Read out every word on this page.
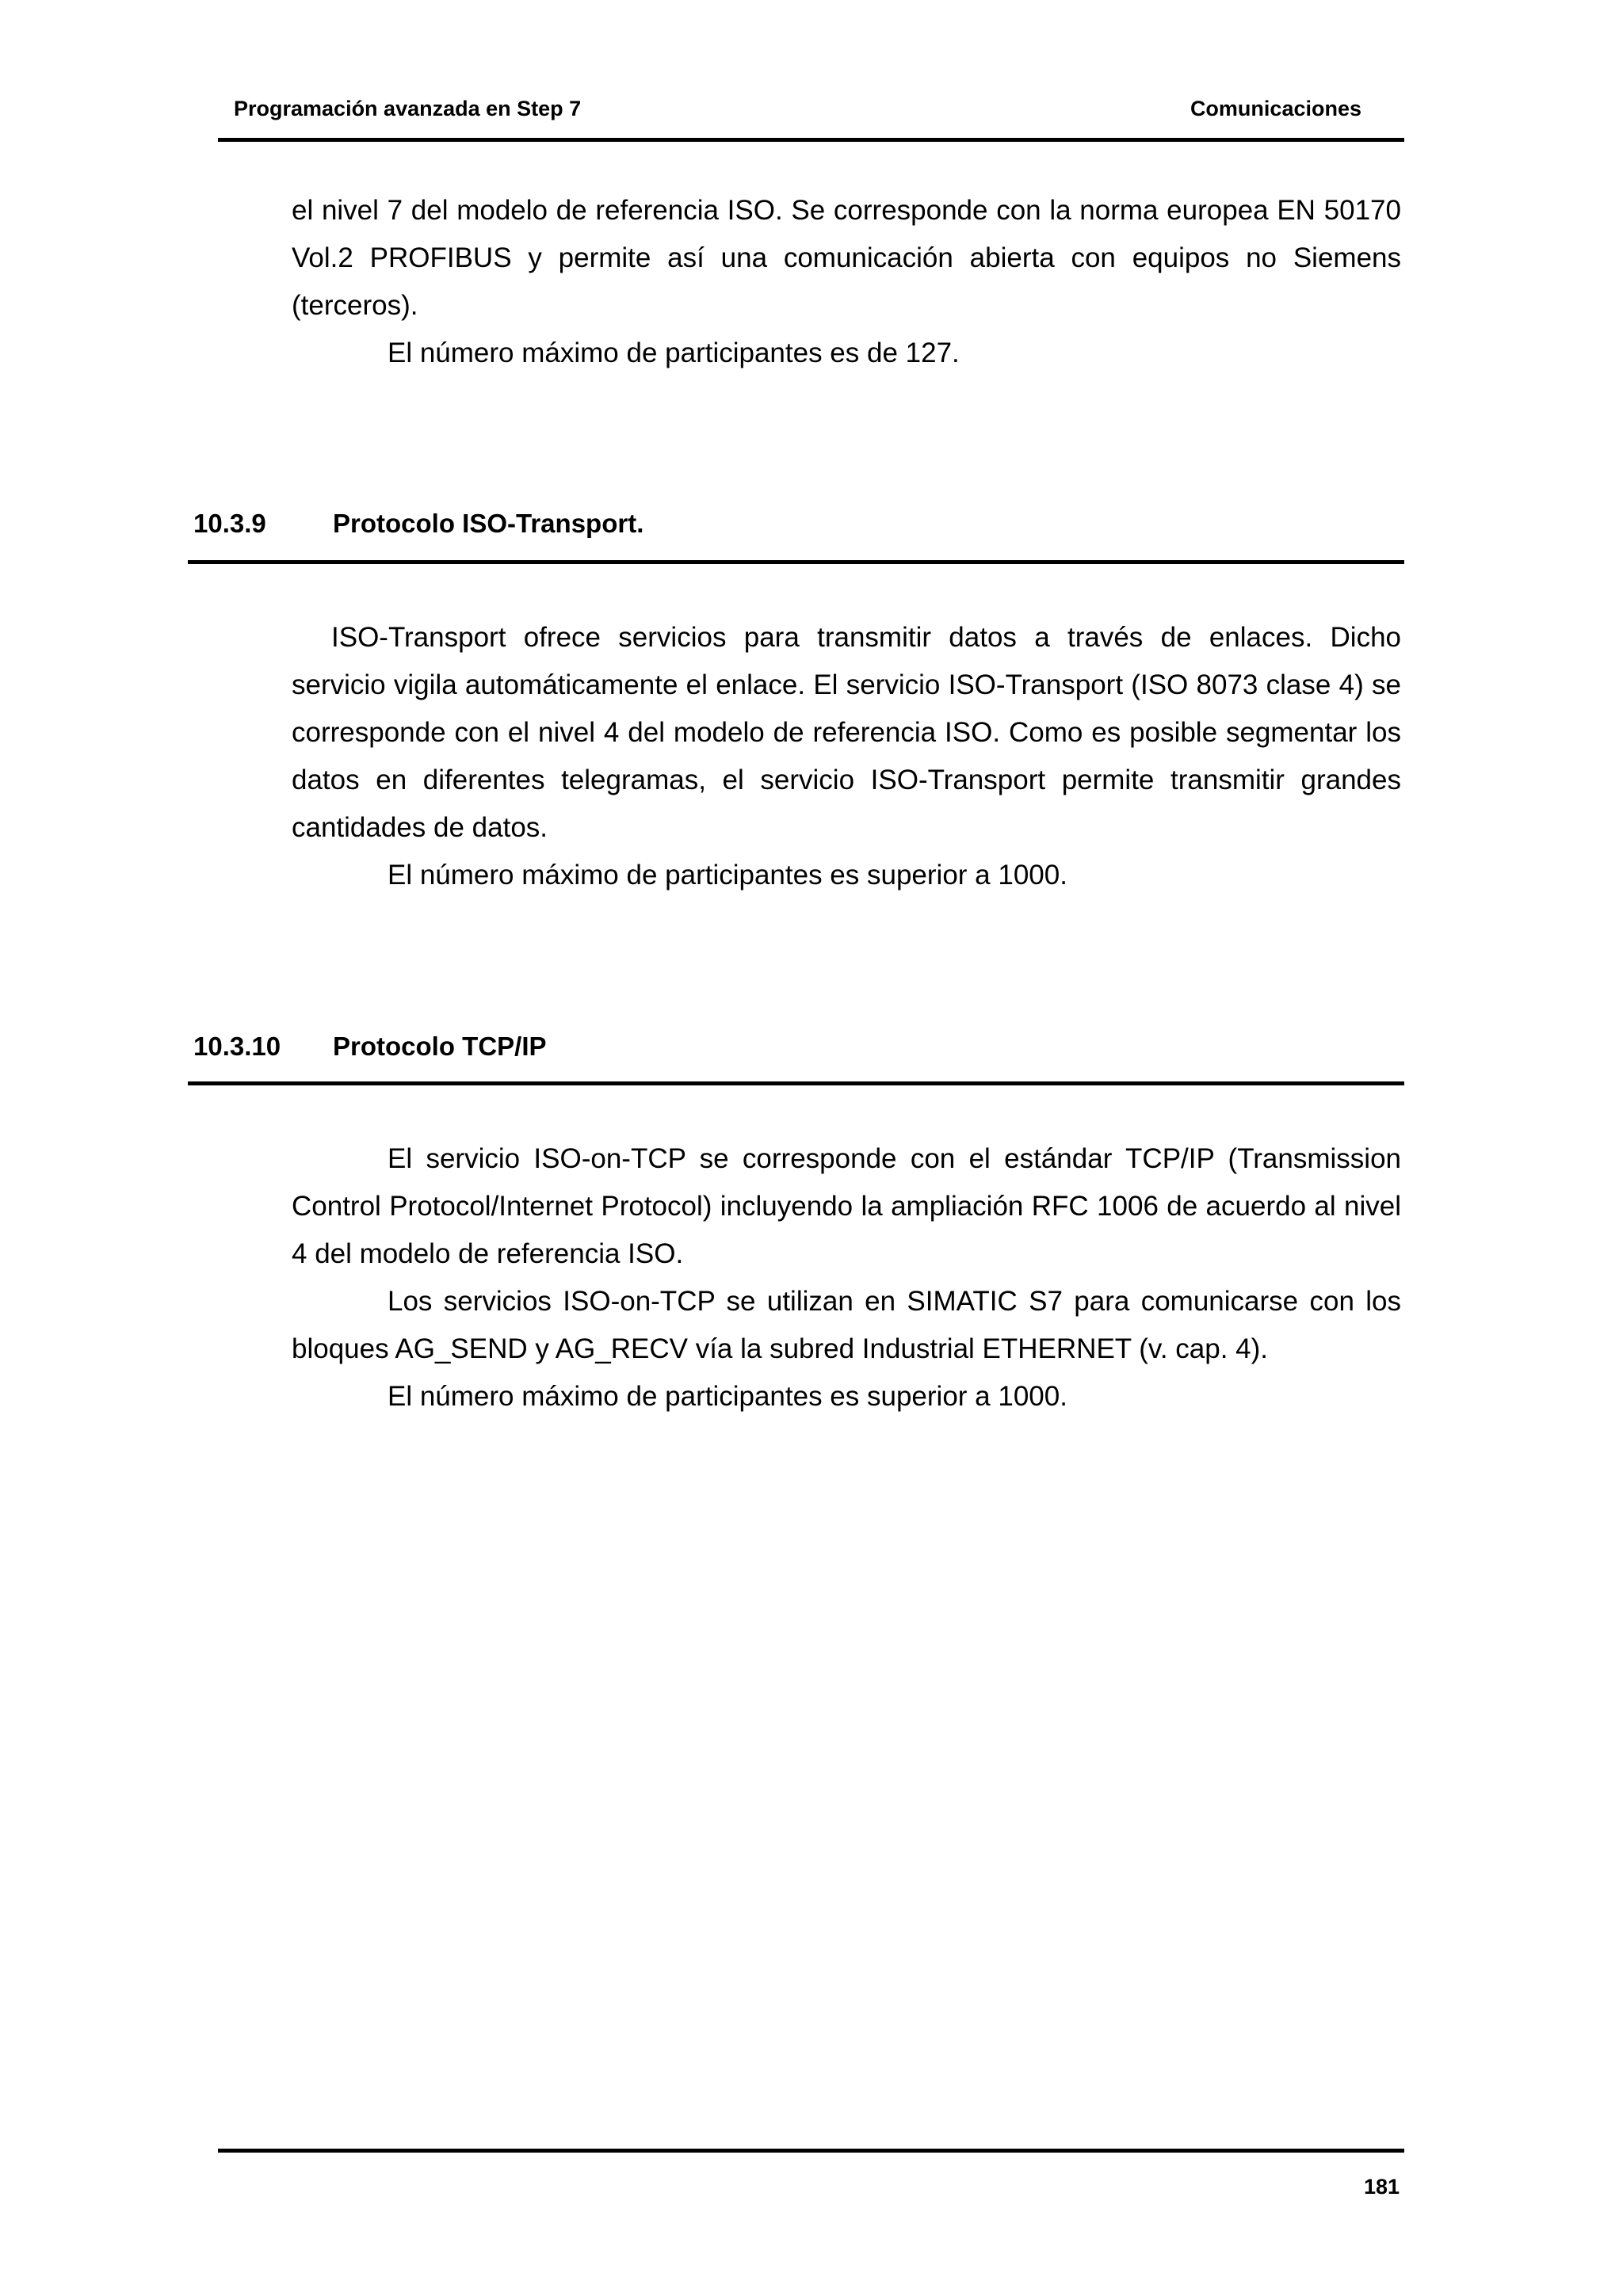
Programación avanzada en Step 7	Comunicaciones

el nivel 7 del modelo de referencia ISO. Se corresponde con la norma europea EN 50170 Vol.2 PROFIBUS y permite así una comunicación abierta con equipos no Siemens (terceros).

El número máximo de participantes es de 127.

10.3.9	Protocolo ISO-Transport.

ISO-Transport ofrece servicios para transmitir datos a través de enlaces. Dicho servicio vigila automáticamente el enlace. El servicio ISO-Transport (ISO 8073 clase 4) se corresponde con el nivel 4 del modelo de referencia ISO. Como es posible segmentar los datos en diferentes telegramas, el servicio ISO-Transport permite transmitir grandes cantidades de datos.

El número máximo de participantes es superior a 1000.

10.3.10 Protocolo TCP/IP

El servicio ISO-on-TCP se corresponde con el estándar TCP/IP (Transmission Control Protocol/Internet Protocol) incluyendo la ampliación RFC 1006 de acuerdo al nivel 4 del modelo de referencia ISO.

Los servicios ISO-on-TCP se utilizan en SIMATIC S7 para comunicarse con los bloques AG_SEND y AG_RECV vía la subred Industrial ETHERNET (v. cap. 4).

El número máximo de participantes es superior a 1000.

181
